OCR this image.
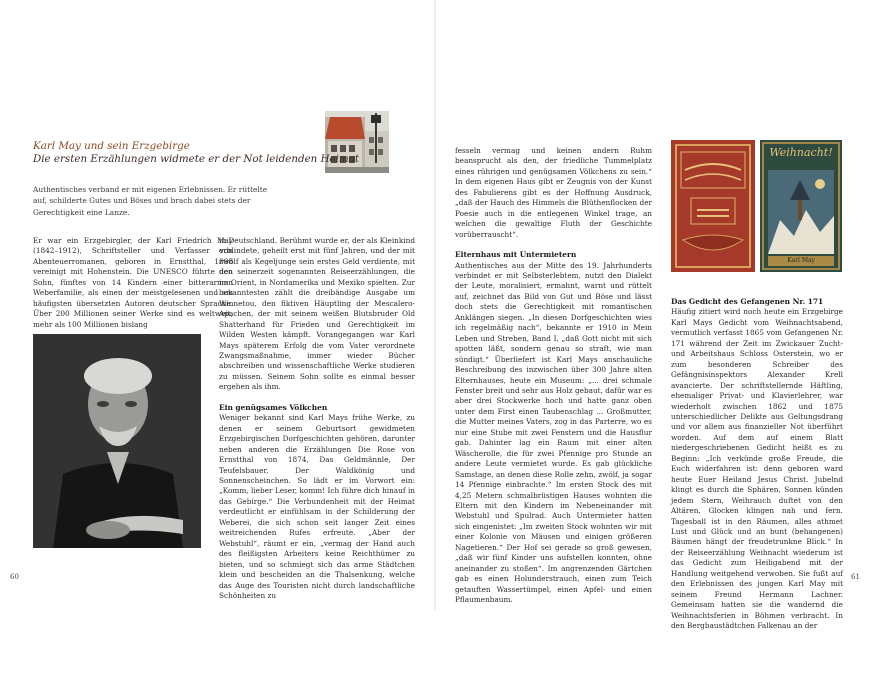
Karl May und sein Erzgebirge
Die ersten Erzählungen widmete er der Not leidenden Heimat
Authentisches verband er mit eigenen Erlebnissen. Er rüttelte auf, schilderte Gutes und Böses und brach dabei stets der Gerechtigkeit eine Lanze.

Er war ein Erzgebirgler, der Karl Friedrich May (1842–1912), Schriftsteller und Verfasser von Abenteuerromanen, geboren in Ernstthal, 1898 vereinigt mit Hohenstein. Die UNESCO führte den Sohn, fünftes von 14 Kindern einer bitterarmen Weberfamilie, als einen der meistgelesenen und am häufigsten übersetzten Autoren deutscher Sprache. Über 200 Millionen seiner Werke sind es weltweit, mehr als 100 Millionen bislang

in Deutschland. Berühmt wurde er, der als Kleinkind erblindete, geheilt erst mit fünf Jahren, und der mit zwölf als Kegeljunge sein erstes Geld verdiente, mit den seinerzeit sogenannten Reiseerzählungen, die im Orient, in Nordamerika und Mexiko spielten. Zur bekanntesten zählt die dreibändige Ausgabe um Winnetou, den fiktiven Häuptling der Mescalero-Apachen, der mit seinem weißen Blutsbruder Old Shatterhand für Frieden und Gerechtigkeit im Wilden Westen kämpft. Vorangegangen war Karl Mays späterem Erfolg die vom Vater verordnete Zwangsmaßnahme, immer wieder Bücher abschreiben und wissenschaftliche Werke studieren zu müssen. Seinem Sohn sollte es einmal besser ergehen als ihm.

Ein genügsames Völkchen

Weniger bekannt sind Karl Mays frühe Werke, zu denen er seinem Geburtsort gewidmeten Erzgebirgischen Dorfgeschichten gehören, darunter neben anderen die Erzählungen Die Rose von Ernstthal von 1874, Das Geldmännle, Der Teufelsbauer, Der Waldkönig und Sonnenscheinchen. So lädt er im Vorwort ein: „Komm, lieber Leser, komm! Ich führe dich hinauf in das Gebirge.“ Die Verbundenheit mit der Heimat verdeutlicht er einfühlsam in der Schilderung der Weberei, die sich schon seit langer Zeit eines weitreichenden Rufes erfreute. „Aber der Webstuhl“, räumt er ein, „vermag der Hand auch des fleißigsten Arbeiters keine Reichthümer zu bieten, und so schmiegt sich das arme Städtchen klein und bescheiden an die Thalsenkung, welche das Auge des Touristen nicht durch landschaftliche Schönheiten zu

60

fesseln vermag und keinen andern Ruhm beansprucht als den, der friedliche Tummelplatz eines rührigen und genügsamen Völkchens zu sein.“ In dem eigenen Haus gibt er Zeugnis von der Kunst des Fabulierens gibt es der Hoffnung Ausdruck, „daß der Hauch des Himmels die Blüthenflocken der Poesie auch in die entlegenen Winkel trage, an welchen die gewaltige Fluth der Geschichte vorüberrauscht“.

Elternhaus mit Untermietern

Authentisches aus der Mitte des 19. Jahrhunderts verbindet er mit Selbsterlebtem, nutzt den Dialekt der Leute, moralisiert, ermahnt, warnt und rüttelt auf, zeichnet das Bild von Gut und Böse und lässt doch stets die Gerechtigkeit mit romantischen Anklängen siegen. „In diesen Dorfgeschichten wies ich regelmäßig nach“, bekannte er 1910 in Mein Leben und Streben, Band I, „daß Gott nicht mit sich spotten läßt, sondern genau so straft, wie man sündigt.“ Überliefert ist Karl Mays anschauliche Beschreibung des inzwischen über 300 Jahre alten Elternhauses, heute ein Museum: „... drei schmale Fenster breit und sehr aus Holz gebaut, dafür war es aber drei Stockwerke hoch und hatte ganz oben unter dem First einen Taubenschlag ... Großmutter, die Mutter meines Vaters, zog in das Parterre, wo es nur eine Stube mit zwei Fenstern und die Hausflur gab. Dahinter lag ein Raum mit einer alten Wäscherolle, die für zwei Pfennige pro Stunde an andere Leute vermietet wurde. Es gab glückliche Samstage, an denen diese Rolle zehn, zwölf, ja sogar 14 Pfennige einbrachte.“ Im ersten Stock des mit 4,25 Metern schmalbrüstigen Hauses wohnten die Eltern mit den Kindern im Nebeneinander mit Webstuhl und Spulrad. Auch Untermieter hatten sich eingenistet: „Im zweiten Stock wohnten wir mit einer Kolonie von Mäusen und einigen größeren Nagetieren.“ Der Hof sei gerade so groß gewesen, „daß wir fünf Kinder uns aufstellen konnten, ohne aneinander zu stoßen“. Im angrenzenden Gärtchen gab es einen Holunderstrauch, einen zum Teich getauften Wassertümpel, einen Apfel- und einen Pflaumenbaum.

Weihnacht!
Karl May

Das Gedicht des Gefangenen Nr. 171

Häufig zitiert wird noch heute ein Erzgebirge Karl Mays Gedicht vom Weihnachtsabend, vermutlich verfasst 1865 vom Gefangenen Nr. 171 während der Zeit im Zwickauer Zucht- und Arbeitshaus Schloss Osterstein, wo er zum besonderen Schreiber des Gefängnisinspektors Alexander Krell avancierte. Der schriftstellernde Häftling, ehemaliger Privat- und Klavierlehrer, war wiederholt zwischen 1862 und 1875 unterschiedlicher Delikte aus Geltungsdrang und vor allem aus finanzieller Not überführt worden. Auf dem auf einem Blatt niedergeschriebenen Gedicht heißt es zu Beginn: „Ich verkünde große Freude, die Euch widerfahren ist: denn geboren ward heute Euer Heiland Jesus Christ. Jubelnd klingt es durch die Sphären, Sonnen künden jedem Stern, Weihrauch duftet von den Altären, Glocken klingen nah und fern. Tagesball ist in den Räumen, alles athmet Lust und Glück und an bunt (behangenen) Bäumen hängt der freudetrunkne Blick.“ In der Reiseerzählung Weihnacht wiederum ist das Gedicht zum Heiligabend mit der Handlung weitgehend verwoben. Sie fußt auf den Erlebnissen des jungen Karl May mit seinem Freund Hermann Lachner. Gemeinsam hatten sie die wandernd die Weihnachtsferien in Böhmen verbracht. In den Bergbaustädtchen Falkenau an der

61
